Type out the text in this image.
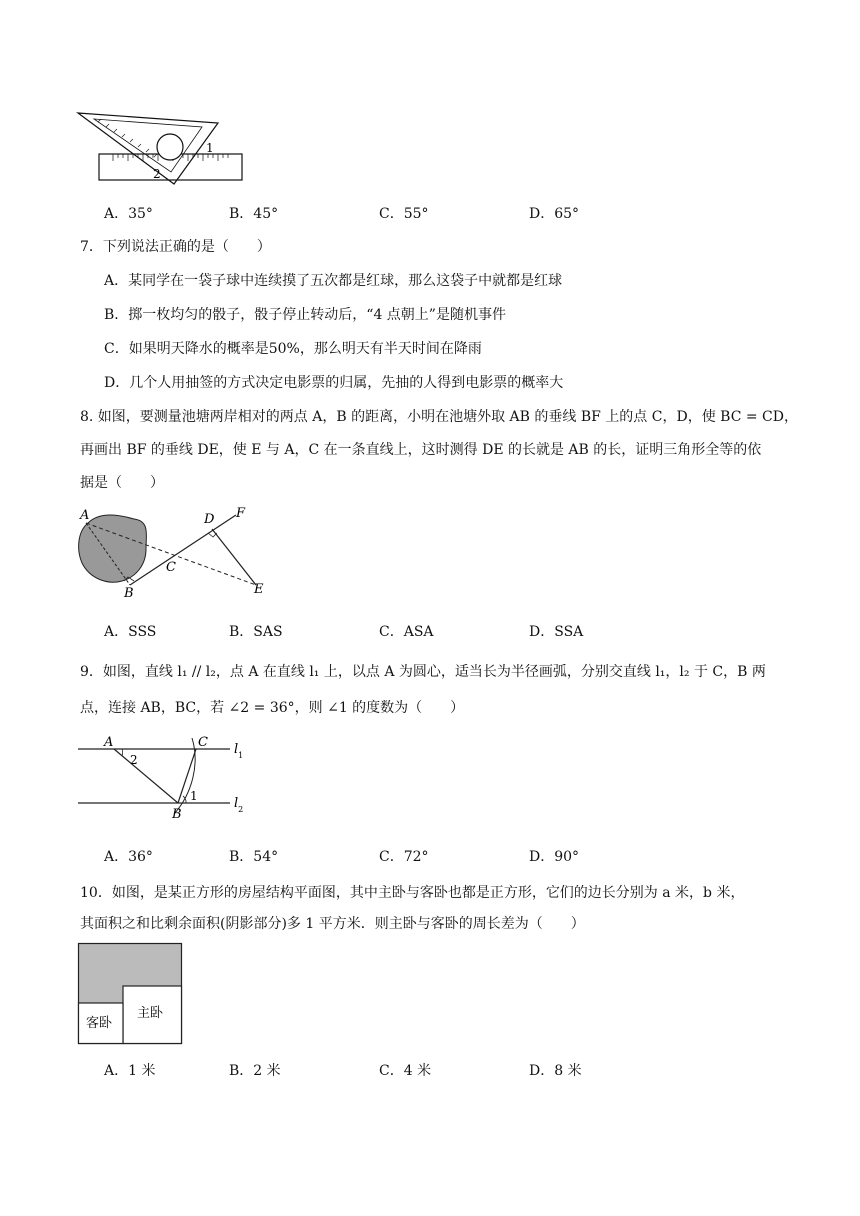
1
2
A．35°	B．45°	C．55°	D．65°
7．下列说法正确的是（　　）
A．某同学在一袋子球中连续摸了五次都是红球，那么这袋子中就都是红球
B．掷一枚均匀的骰子，骰子停止转动后，“4 点朝上”是随机事件
C．如果明天降水的概率是50%，那么明天有半天时间在降雨
D．几个人用抽签的方式决定电影票的归属，先抽的人得到电影票的概率大
8. 如图，要测量池塘两岸相对的两点 A，B 的距离，小明在池塘外取 AB 的垂线 BF 上的点 C，D，使 BC = CD，
再画出 BF 的垂线 DE，使 E 与 A，C 在一条直线上，这时测得 DE 的长就是 AB 的长，证明三角形全等的依
据是（　　）
A
B
C
D
E
F
A．SSS	B．SAS	C．ASA	D．SSA
9．如图，直线 l₁ // l₂，点 A 在直线 l₁ 上，以点 A 为圆心，适当长为半径画弧，分别交直线 l₁，l₂ 于 C，B 两
点，连接 AB，BC，若 ∠2 = 36°，则 ∠1 的度数为（　　）
A
2
C
1
B
$l_1$
$l_2$
A．36°	B．54°	C．72°	D．90°
10．如图，是某正方形的房屋结构平面图，其中主卧与客卧也都是正方形，它们的边长分别为 a 米，b 米，
其面积之和比剩余面积(阴影部分)多 1 平方米．则主卧与客卧的周长差为（　　）
主卧
客卧
A．1 米	B．2 米	C．4 米	D．8 米
